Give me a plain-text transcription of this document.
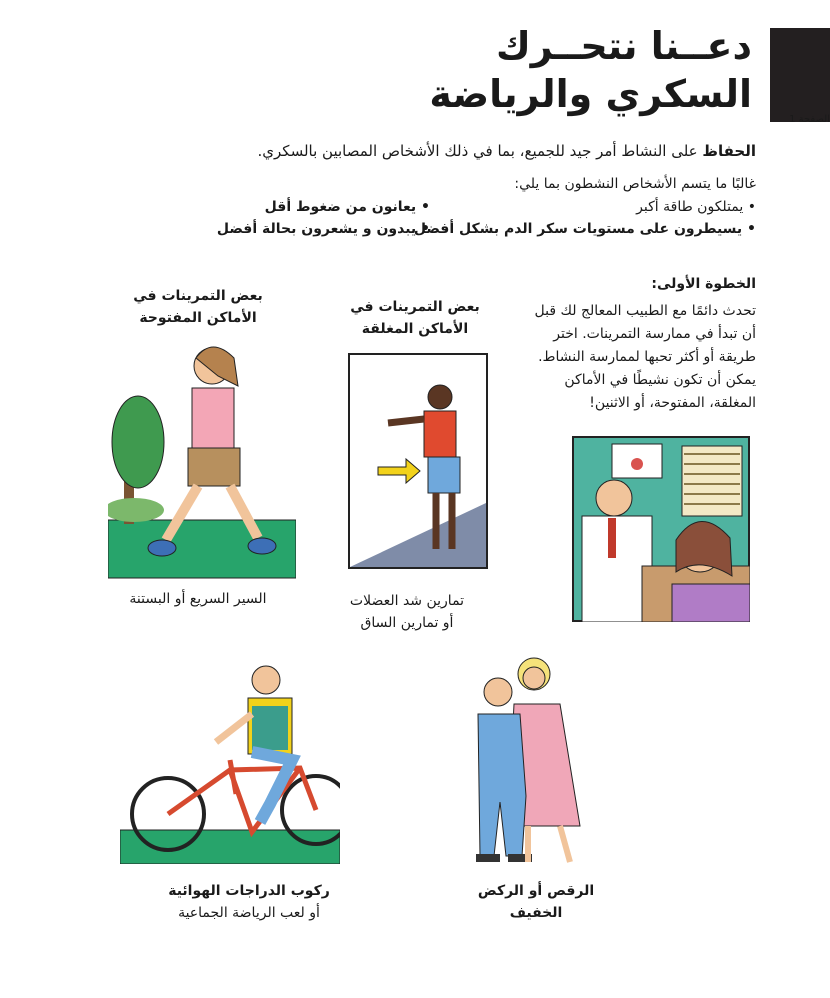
الصفحة 1
دعــنا نتحــرك
السكري والرياضة
الحفاظ على النشاط أمر جيد للجميع، بما في ذلك الأشخاص المصابين بالسكري.
غالبًا ما يتسم الأشخاص النشطون بما يلي:
• يمتلكون طاقة أكبر
• يسيطرون على مستويات سكر الدم بشكل أفضل
• يعانون من ضغوط أقل
• يبدون و يشعرون بحالة أفضل
الخطوة الأولى:
تحدث دائمًا مع الطبيب المعالج لك قبل أن تبدأ في ممارسة التمرينات. اختر طريقة أو أكثر تحبها لممارسة النشاط. يمكن أن تكون نشيطًا في الأماكن المغلقة، المفتوحة، أو الاثنين!
بعض التمرينات في الأماكن المفتوحة
بعض التمرينات في الأماكن المغلقة
السير السريع أو البستنة	تمارين شد العضلات
أو تمارين الساق
الرقص أو الركض الخفيف
ركوب الدراجات الهوائية
أو لعب الرياضة الجماعية
